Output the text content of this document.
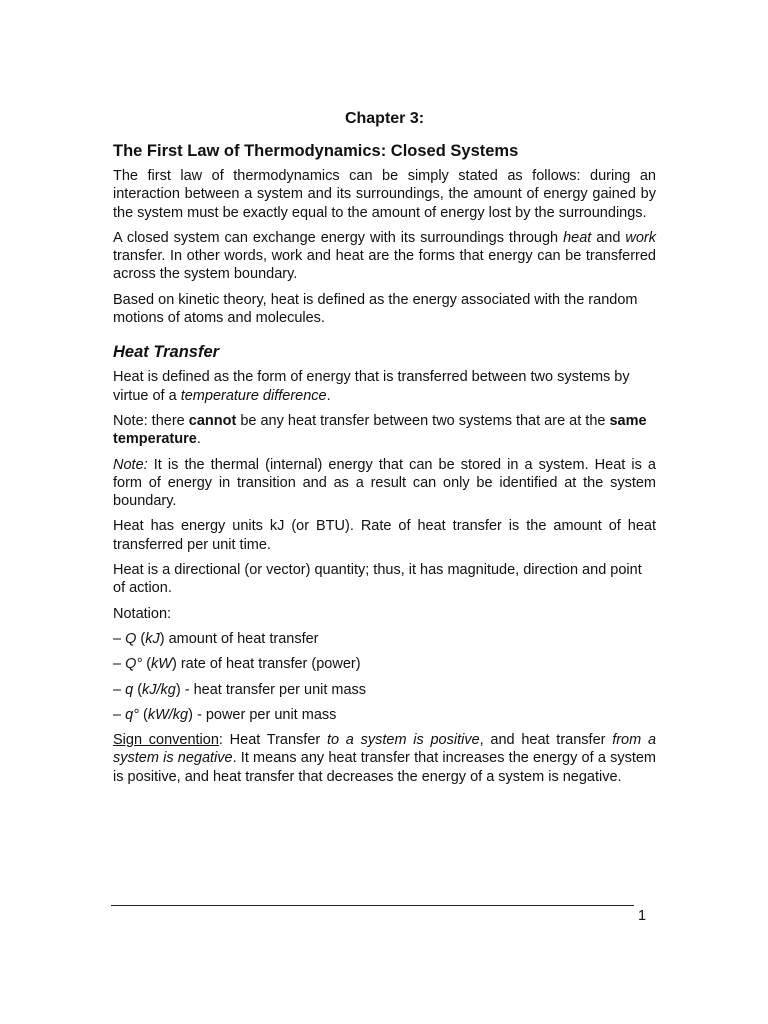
Chapter 3:
The First Law of Thermodynamics: Closed Systems

The first law of thermodynamics can be simply stated as follows: during an interaction between a system and its surroundings, the amount of energy gained by the system must be exactly equal to the amount of energy lost by the surroundings.

A closed system can exchange energy with its surroundings through heat and work transfer. In other words, work and heat are the forms that energy can be transferred across the system boundary.

Based on kinetic theory, heat is defined as the energy associated with the random motions of atoms and molecules.

Heat Transfer

Heat is defined as the form of energy that is transferred between two systems by virtue of a temperature difference.

Note: there cannot be any heat transfer between two systems that are at the same temperature.

Note: It is the thermal (internal) energy that can be stored in a system. Heat is a form of energy in transition and as a result can only be identified at the system boundary.

Heat has energy units kJ (or BTU). Rate of heat transfer is the amount of heat transferred per unit time.

Heat is a directional (or vector) quantity; thus, it has magnitude, direction and point of action.

Notation:
– Q (kJ) amount of heat transfer
– Q° (kW) rate of heat transfer (power)
– q (kJ/kg) - heat transfer per unit mass
– q° (kW/kg) - power per unit mass

Sign convention: Heat Transfer to a system is positive, and heat transfer from a system is negative. It means any heat transfer that increases the energy of a system is positive, and heat transfer that decreases the energy of a system is negative.

1
